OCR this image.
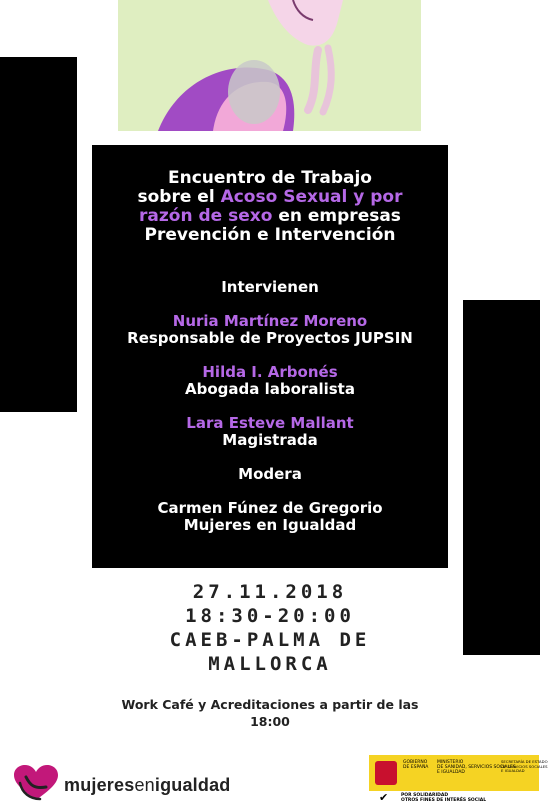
Encuentro de Trabajo
sobre el Acoso Sexual y por
razón de sexo en empresas
Prevención e Intervención
Intervienen
Nuria Martínez Moreno
Responsable de Proyectos JUPSIN
Hilda I. Arbonés
Abogada laboralista
Lara Esteve Mallant
Magistrada
Modera
Carmen Fúnez de Gregorio
Mujeres en Igualdad
27.11.2018
18:30-20:00
CAEB-PALMA DE
MALLORCA
Work Café y Acreditaciones a partir de las 18:00
mujeresenigualdad
GOBIERNO
DE ESPAÑA
MINISTERIO
DE SANIDAD, SERVICIOS SOCIALES
E IGUALDAD
SECRETARÍA DE ESTADO
DE SERVICIOS SOCIALES
E IGUALDAD
✔	POR SOLIDARIDAD
OTROS FINES DE INTERÉS SOCIAL
